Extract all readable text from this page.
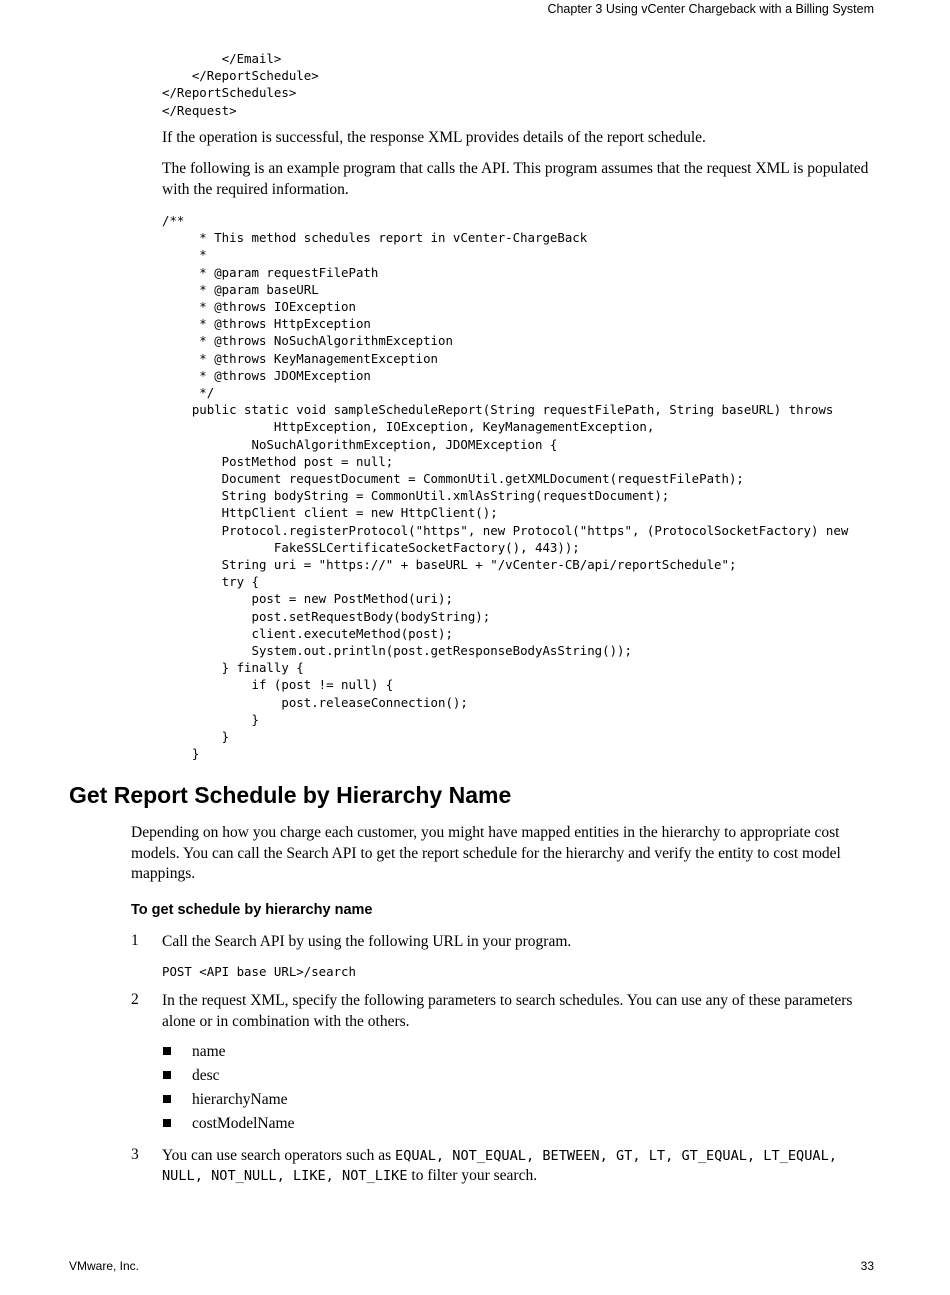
Chapter 3 Using vCenter Chargeback with a Billing System
</Email>
</ReportSchedule>
</ReportSchedules>
</Request>
If the operation is successful, the response XML provides details of the report schedule.
The following is an example program that calls the API. This program assumes that the request XML is populated with the required information.
/**
* This method schedules report in vCenter-ChargeBack
*
* @param requestFilePath
* @param baseURL
* @throws IOException
* @throws HttpException
* @throws NoSuchAlgorithmException
* @throws KeyManagementException
* @throws JDOMException
*/
public static void sampleScheduleReport(String requestFilePath, String baseURL) throws
HttpException, IOException, KeyManagementException,
NoSuchAlgorithmException, JDOMException {
PostMethod post = null;
Document requestDocument = CommonUtil.getXMLDocument(requestFilePath);
String bodyString = CommonUtil.xmlAsString(requestDocument);
HttpClient client = new HttpClient();
Protocol.registerProtocol("https", new Protocol("https", (ProtocolSocketFactory) new
FakeSSLCertificateSocketFactory(), 443));
String uri = "https://" + baseURL + "/vCenter-CB/api/reportSchedule";
try {
post = new PostMethod(uri);
post.setRequestBody(bodyString);
client.executeMethod(post);
System.out.println(post.getResponseBodyAsString());
} finally {
if (post != null) {
post.releaseConnection();
}
}
}
Get Report Schedule by Hierarchy Name
Depending on how you charge each customer, you might have mapped entities in the hierarchy to appropriate cost models. You can call the Search API to get the report schedule for the hierarchy and verify the entity to cost model mappings.
To get schedule by hierarchy name
1 Call the Search API by using the following URL in your program.
POST <API base URL>/search
2 In the request XML, specify the following parameters to search schedules. You can use any of these parameters alone or in combination with the others.
name
desc
hierarchyName
costModelName
3 You can use search operators such as EQUAL, NOT_EQUAL, BETWEEN, GT, LT, GT_EQUAL, LT_EQUAL,
NULL, NOT_NULL, LIKE, NOT_LIKE to filter your search.
VMware, Inc.	33
